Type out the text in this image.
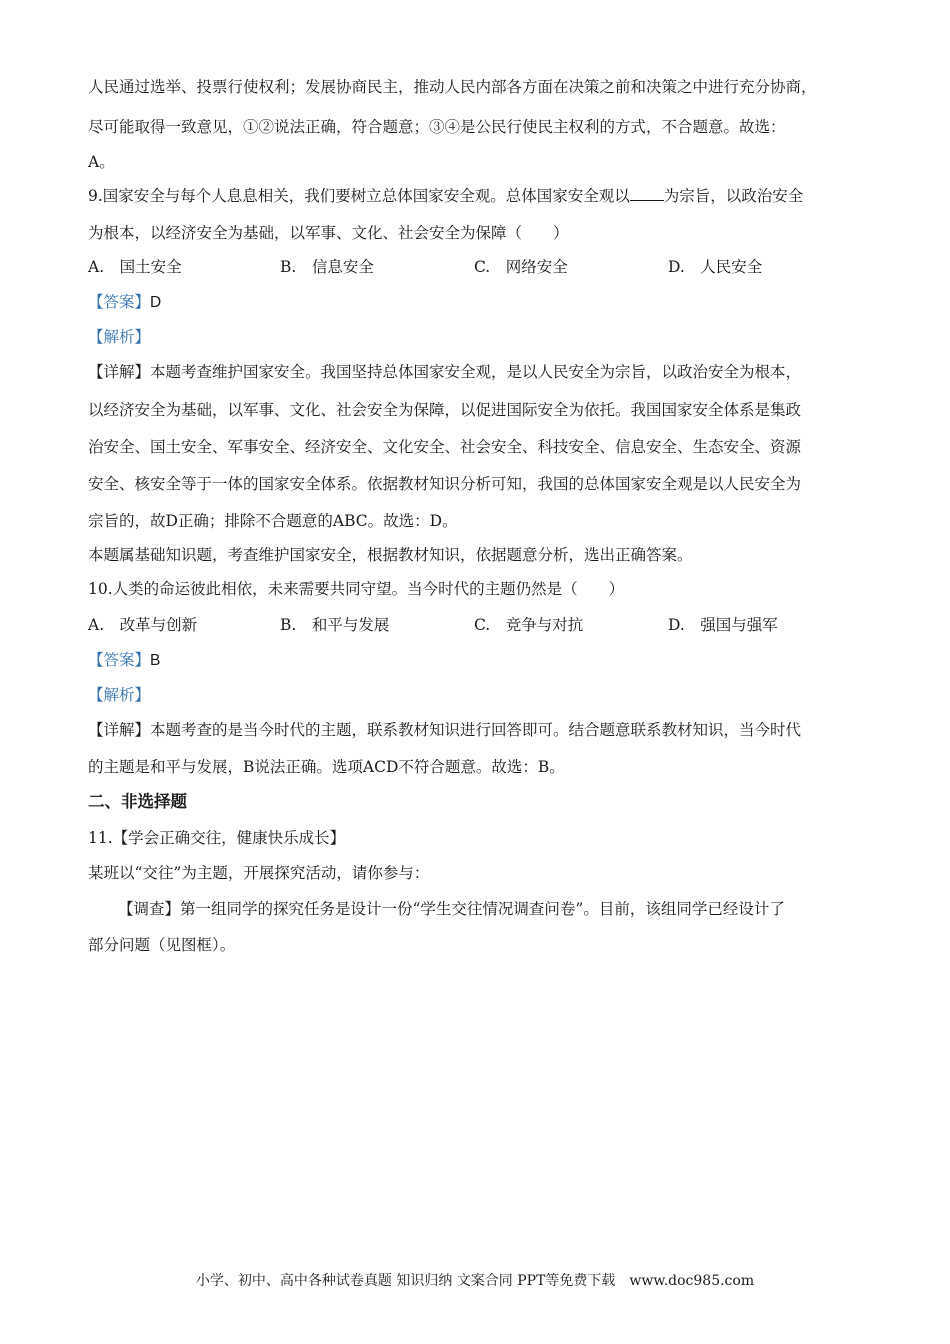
人民通过选举、投票行使权利；发展协商民主，推动人民内部各方面在决策之前和决策之中进行充分协商，
尽可能取得一致意见，①②说法正确，符合题意；③④是公民行使民主权利的方式，不合题意。故选：
A。
9.国家安全与每个人息息相关，我们要树立总体国家安全观。总体国家安全观以 为宗旨，以政治安全
为根本，以经济安全为基础，以军事、文化、社会安全为保障（　　）
A.　国土安全	B.　信息安全	C.　网络安全	D.　人民安全
【答案】D
【解析】
【详解】本题考查维护国家安全。我国坚持总体国家安全观，是以人民安全为宗旨，以政治安全为根本，
以经济安全为基础，以军事、文化、社会安全为保障，以促进国际安全为依托。我国国家安全体系是集政
治安全、国土安全、军事安全、经济安全、文化安全、社会安全、科技安全、信息安全、生态安全、资源
安全、核安全等于一体的国家安全体系。依据教材知识分析可知，我国的总体国家安全观是以人民安全为
宗旨的，故D正确；排除不合题意的ABC。故选：D。
本题属基础知识题，考查维护国家安全，根据教材知识，依据题意分析，选出正确答案。
10.人类的命运彼此相依，未来需要共同守望。当今时代的主题仍然是（　　）
A.　改革与创新	B.　和平与发展	C.　竞争与对抗	D.　强国与强军
【答案】B
【解析】
【详解】本题考查的是当今时代的主题，联系教材知识进行回答即可。结合题意联系教材知识，当今时代
的主题是和平与发展，B说法正确。选项ACD不符合题意。故选：B。
二、非选择题
11.【学会正确交往，健康快乐成长】
某班以“交往”为主题，开展探究活动，请你参与：
【调查】第一组同学的探究任务是设计一份“学生交往情况调查问卷”。目前，该组同学已经设计了
部分问题（见图框）。
小学、初中、高中各种试卷真题 知识归纳 文案合同 PPT等免费下载　www.doc985.com
